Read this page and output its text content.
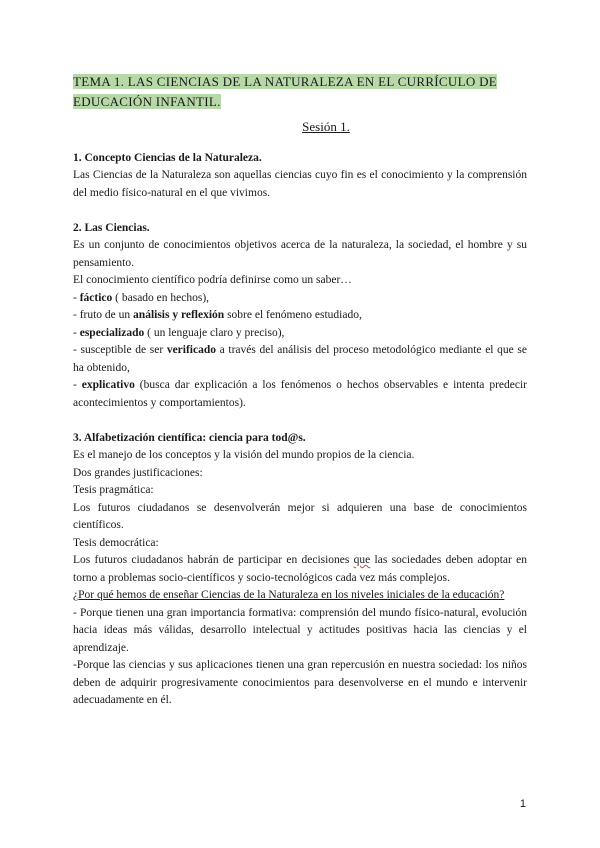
TEMA 1. LAS CIENCIAS DE LA NATURALEZA EN EL CURRÍCULO DE EDUCACIÓN INFANTIL.

Sesión 1.

1. Concepto Ciencias de la Naturaleza.

Las Ciencias de la Naturaleza son aquellas ciencias cuyo fin es el conocimiento y la comprensión del medio físico-natural en el que vivimos.

2. Las Ciencias.

Es un conjunto de conocimientos objetivos acerca de la naturaleza, la sociedad, el hombre y su pensamiento.

El conocimiento científico podría definirse como un saber…

- fáctico ( basado en hechos),

- fruto de un análisis y reflexión sobre el fenómeno estudiado,

- especializado ( un lenguaje claro y preciso),

- susceptible de ser verificado a través del análisis del proceso metodológico mediante el que se ha obtenido,

- explicativo (busca dar explicación a los fenómenos o hechos observables e intenta predecir acontecimientos y comportamientos).

3. Alfabetización científica: ciencia para tod@s.

Es el manejo de los conceptos y la visión del mundo propios de la ciencia.

Dos grandes justificaciones:

Tesis pragmática:

Los futuros ciudadanos se desenvolverán mejor si adquieren una base de conocimientos científicos.

Tesis democrática:

Los futuros ciudadanos habrán de participar en decisiones que las sociedades deben adoptar en torno a problemas socio-científicos y socio-tecnológicos cada vez más complejos.

¿Por qué hemos de enseñar Ciencias de la Naturaleza en los niveles iniciales de la educación?

- Porque tienen una gran importancia formativa: comprensión del mundo físico-natural, evolución hacia ideas más válidas, desarrollo intelectual y actitudes positivas hacia las ciencias y el aprendizaje.

-Porque las ciencias y sus aplicaciones tienen una gran repercusión en nuestra sociedad: los niños deben de adquirir progresivamente conocimientos para desenvolverse en el mundo e intervenir adecuadamente en él.

1
